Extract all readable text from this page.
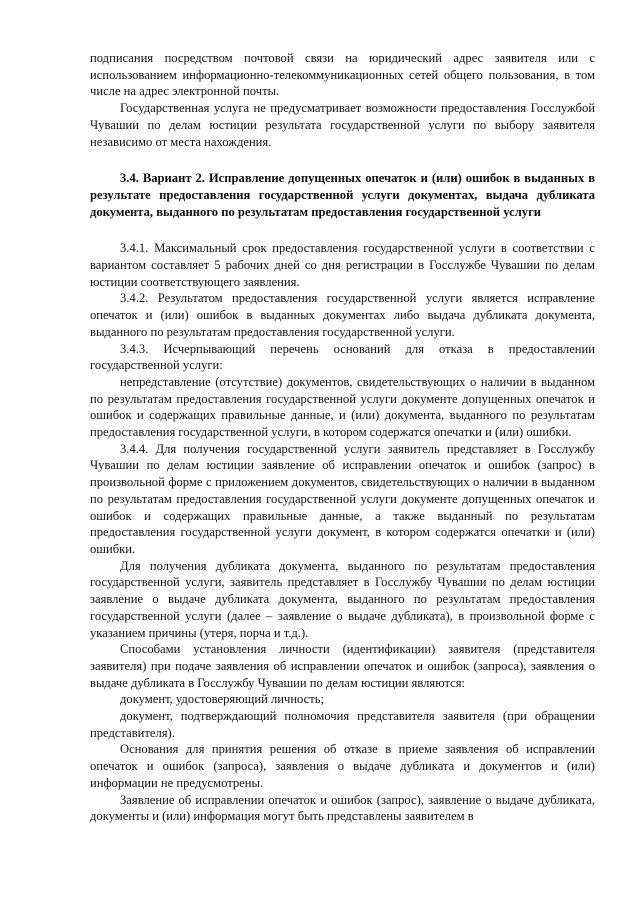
подписания посредством почтовой связи на юридический адрес заявителя или с использованием информационно-телекоммуникационных сетей общего пользования, в том числе на адрес электронной почты.

Государственная услуга не предусматривает возможности предоставления Госслужбой Чувашии по делам юстиции результата государственной услуги по выбору заявителя независимо от места нахождения.

3.4. Вариант 2. Исправление допущенных опечаток и (или) ошибок в выданных в результате предоставления государственной услуги документах, выдача дубликата документа, выданного по результатам предоставления государственной услуги

3.4.1. Максимальный срок предоставления государственной услуги в соответствии с вариантом составляет 5 рабочих дней со дня регистрации в Госслужбе Чувашии по делам юстиции соответствующего заявления.

3.4.2. Результатом предоставления государственной услуги является исправление опечаток и (или) ошибок в выданных документах либо выдача дубликата документа, выданного по результатам предоставления государственной услуги.

3.4.3. Исчерпывающий перечень оснований для отказа в предоставлении государственной услуги:

непредставление (отсутствие) документов, свидетельствующих о наличии в выданном по результатам предоставления государственной услуги документе допущенных опечаток и ошибок и содержащих правильные данные, и (или) документа, выданного по результатам предоставления государственной услуги, в котором содержатся опечатки и (или) ошибки.

3.4.4. Для получения государственной услуги заявитель представляет в Госслужбу Чувашии по делам юстиции заявление об исправлении опечаток и ошибок (запрос) в произвольной форме с приложением документов, свидетельствующих о наличии в выданном по результатам предоставления государственной услуги документе допущенных опечаток и ошибок и содержащих правильные данные, а также выданный по результатам предоставления государственной услуги документ, в котором содержатся опечатки и (или) ошибки.

Для получения дубликата документа, выданного по результатам предоставления государственной услуги, заявитель представляет в Госслужбу Чувашии по делам юстиции заявление о выдаче дубликата документа, выданного по результатам предоставления государственной услуги (далее – заявление о выдаче дубликата), в произвольной форме с указанием причины (утеря, порча и т.д.).

Способами установления личности (идентификации) заявителя (представителя заявителя) при подаче заявления об исправлении опечаток и ошибок (запроса), заявления о выдаче дубликата в Госслужбу Чувашии по делам юстиции являются:

документ, удостоверяющий личность;

документ, подтверждающий полномочия представителя заявителя (при обращении представителя).

Основания для принятия решения об отказе в приеме заявления об исправлении опечаток и ошибок (запроса), заявления о выдаче дубликата и документов и (или) информации не предусмотрены.

Заявление об исправлении опечаток и ошибок (запрос), заявление о выдаче дубликата, документы и (или) информация могут быть представлены заявителем в
